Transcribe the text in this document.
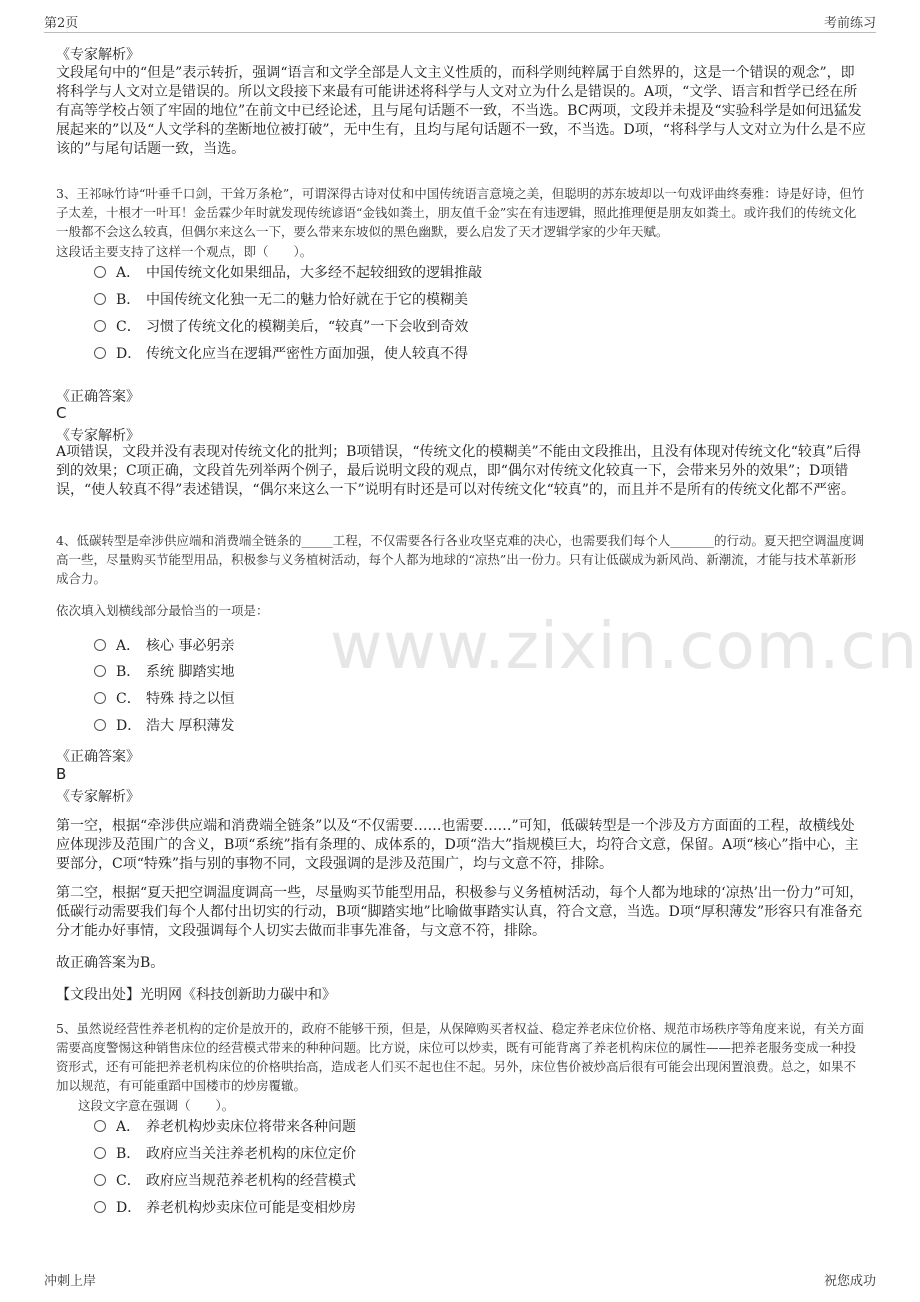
第2页	考前练习
www.zixin.com.cn
《专家解析》
文段尾句中的“但是”表示转折，强调“语言和文学全部是人文主义性质的，而科学则纯粹属于自然界的，这是一个错误的观念”，即将科学与人文对立是错误的。所以文段接下来最有可能讲述将科学与人文对立为什么是错误的。A项，“文学、语言和哲学已经在所有高等学校占领了牢固的地位”在前文中已经论述，且与尾句话题不一致，不当选。BC两项，文段并未提及“实验科学是如何迅猛发展起来的”以及“人文学科的垄断地位被打破”，无中生有，且均与尾句话题不一致，不当选。D项，“将科学与人文对立为什么是不应该的”与尾句话题一致，当选。
3、王祁咏竹诗“叶垂千口剑，干耸万条枪”，可谓深得古诗对仗和中国传统语言意境之美，但聪明的苏东坡却以一句戏评曲终奏雅：诗是好诗，但竹子太差，十根才一叶耳！金岳霖少年时就发现传统谚语“金钱如粪土，朋友值千金”实在有违逻辑，照此推理便是朋友如粪土。或许我们的传统文化一般都不会这么较真，但偶尔来这么一下，要么带来东坡似的黑色幽默，要么启发了天才逻辑学家的少年天赋。
这段话主要支持了这样一个观点，即（　　）。
A． 中国传统文化如果细品，大多经不起较细致的逻辑推敲
B． 中国传统文化独一无二的魅力恰好就在于它的模糊美
C． 习惯了传统文化的模糊美后，“较真”一下会收到奇效
D． 传统文化应当在逻辑严密性方面加强，使人较真不得
《正确答案》
C
《专家解析》
A项错误，文段并没有表现对传统文化的批判；B项错误，“传统文化的模糊美”不能由文段推出，且没有体现对传统文化“较真”后得到的效果；C项正确，文段首先列举两个例子，最后说明文段的观点，即“偶尔对传统文化较真一下，会带来另外的效果”；D项错误，“使人较真不得”表述错误，“偶尔来这么一下”说明有时还是可以对传统文化“较真”的，而且并不是所有的传统文化都不严密。
4、低碳转型是牵涉供应端和消费端全链条的_____工程，不仅需要各行各业攻坚克难的决心，也需要我们每个人_______的行动。夏天把空调温度调高一些，尽量购买节能型用品，积极参与义务植树活动，每个人都为地球的“凉热”出一份力。只有让低碳成为新风尚、新潮流，才能与技术革新形成合力。
依次填入划横线部分最恰当的一项是：
A． 核心 事必躬亲
B． 系统 脚踏实地
C． 特殊 持之以恒
D． 浩大 厚积薄发
《正确答案》
B
《专家解析》
第一空，根据“牵涉供应端和消费端全链条”以及“不仅需要……也需要……”可知，低碳转型是一个涉及方方面面的工程，故横线处应体现涉及范围广的含义，B项“系统”指有条理的、成体系的，D项“浩大”指规模巨大，均符合文意，保留。A项“核心”指中心，主要部分，C项“特殊”指与别的事物不同，文段强调的是涉及范围广，均与文意不符，排除。
第二空，根据“夏天把空调温度调高一些，尽量购买节能型用品，积极参与义务植树活动，每个人都为地球的‘凉热’出一份力”可知，低碳行动需要我们每个人都付出切实的行动，B项“脚踏实地”比喻做事踏实认真，符合文意，当选。D项“厚积薄发”形容只有准备充分才能办好事情，文段强调每个人切实去做而非事先准备，与文意不符，排除。
故正确答案为B。
【文段出处】光明网《科技创新助力碳中和》
5、虽然说经营性养老机构的定价是放开的，政府不能够干预，但是，从保障购买者权益、稳定养老床位价格、规范市场秩序等角度来说，有关方面需要高度警惕这种销售床位的经营模式带来的种种问题。比方说，床位可以炒卖，既有可能背离了养老机构床位的属性——把养老服务变成一种投资形式，还有可能把养老机构床位的价格哄抬高，造成老人们买不起也住不起。另外，床位售价被炒高后很有可能会出现闲置浪费。总之，如果不加以规范，有可能重蹈中国楼市的炒房覆辙。
这段文字意在强调（　　）。
A． 养老机构炒卖床位将带来各种问题
B． 政府应当关注养老机构的床位定价
C． 政府应当规范养老机构的经营模式
D． 养老机构炒卖床位可能是变相炒房
冲刺上岸	祝您成功
